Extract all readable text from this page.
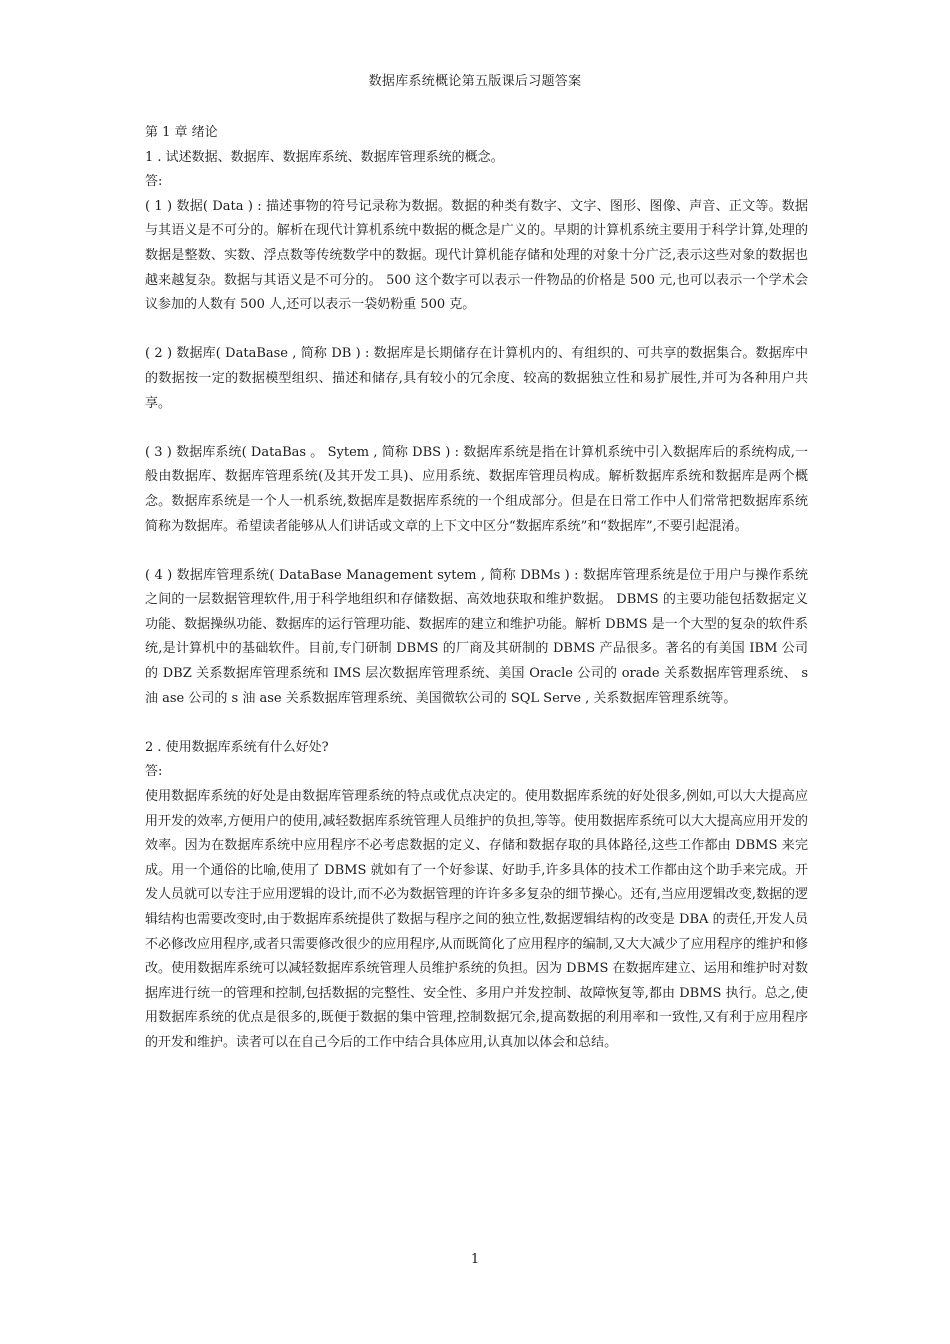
数据库系统概论第五版课后习题答案

第 1 章 绪论

1 . 试述数据、数据库、数据库系统、数据库管理系统的概念。

答:

( 1 ) 数据( Data ) : 描述事物的符号记录称为数据。数据的种类有数字、文字、图形、图像、声音、正文等。数据与其语义是不可分的。解析在现代计算机系统中数据的概念是广义的。早期的计算机系统主要用于科学计算,处理的数据是整数、实数、浮点数等传统数学中的数据。现代计算机能存储和处理的对象十分广泛,表示这些对象的数据也越来越复杂。数据与其语义是不可分的。 500 这个数字可以表示一件物品的价格是 500 元,也可以表示一个学术会议参加的人数有 500 人,还可以表示一袋奶粉重 500 克。

( 2 ) 数据库( DataBase , 简称 DB ) : 数据库是长期储存在计算机内的、有组织的、可共享的数据集合。数据库中的数据按一定的数据模型组织、描述和储存,具有较小的冗余度、较高的数据独立性和易扩展性,并可为各种用户共享。

( 3 ) 数据库系统( DataBas 。 Sytem , 简称 DBS ) : 数据库系统是指在计算机系统中引入数据库后的系统构成,一般由数据库、数据库管理系统(及其开发工具)、应用系统、数据库管理员构成。解析数据库系统和数据库是两个概念。数据库系统是一个人一机系统,数据库是数据库系统的一个组成部分。但是在日常工作中人们常常把数据库系统简称为数据库。希望读者能够从人们讲话或文章的上下文中区分“数据库系统”和“数据库”,不要引起混淆。

( 4 ) 数据库管理系统( DataBase Management sytem , 简称 DBMs ) : 数据库管理系统是位于用户与操作系统之间的一层数据管理软件,用于科学地组织和存储数据、高效地获取和维护数据。 DBMS 的主要功能包括数据定义功能、数据操纵功能、数据库的运行管理功能、数据库的建立和维护功能。解析 DBMS 是一个大型的复杂的软件系统,是计算机中的基础软件。目前,专门研制 DBMS 的厂商及其研制的 DBMS 产品很多。著名的有美国 IBM 公司的 DBZ 关系数据库管理系统和 IMS 层次数据库管理系统、美国 Oracle 公司的 orade 关系数据库管理系统、 s 油 ase 公司的 s 油 ase 关系数据库管理系统、美国微软公司的 SQL Serve , 关系数据库管理系统等。

2 . 使用数据库系统有什么好处?

答:

使用数据库系统的好处是由数据库管理系统的特点或优点决定的。使用数据库系统的好处很多,例如,可以大大提高应用开发的效率,方便用户的使用,减轻数据库系统管理人员维护的负担,等等。使用数据库系统可以大大提高应用开发的效率。因为在数据库系统中应用程序不必考虑数据的定义、存储和数据存取的具体路径,这些工作都由 DBMS 来完成。用一个通俗的比喻,使用了 DBMS 就如有了一个好参谋、好助手,许多具体的技术工作都由这个助手来完成。开发人员就可以专注于应用逻辑的设计,而不必为数据管理的许许多多复杂的细节操心。还有,当应用逻辑改变,数据的逻辑结构也需要改变时,由于数据库系统提供了数据与程序之间的独立性,数据逻辑结构的改变是 DBA 的责任,开发人员不必修改应用程序,或者只需要修改很少的应用程序,从而既简化了应用程序的编制,又大大减少了应用程序的维护和修改。使用数据库系统可以减轻数据库系统管理人员维护系统的负担。因为 DBMS 在数据库建立、运用和维护时对数据库进行统一的管理和控制,包括数据的完整性、安全性、多用户并发控制、故障恢复等,都由 DBMS 执行。总之,使用数据库系统的优点是很多的,既便于数据的集中管理,控制数据冗余,提高数据的利用率和一致性,又有利于应用程序的开发和维护。读者可以在自己今后的工作中结合具体应用,认真加以体会和总结。

1
